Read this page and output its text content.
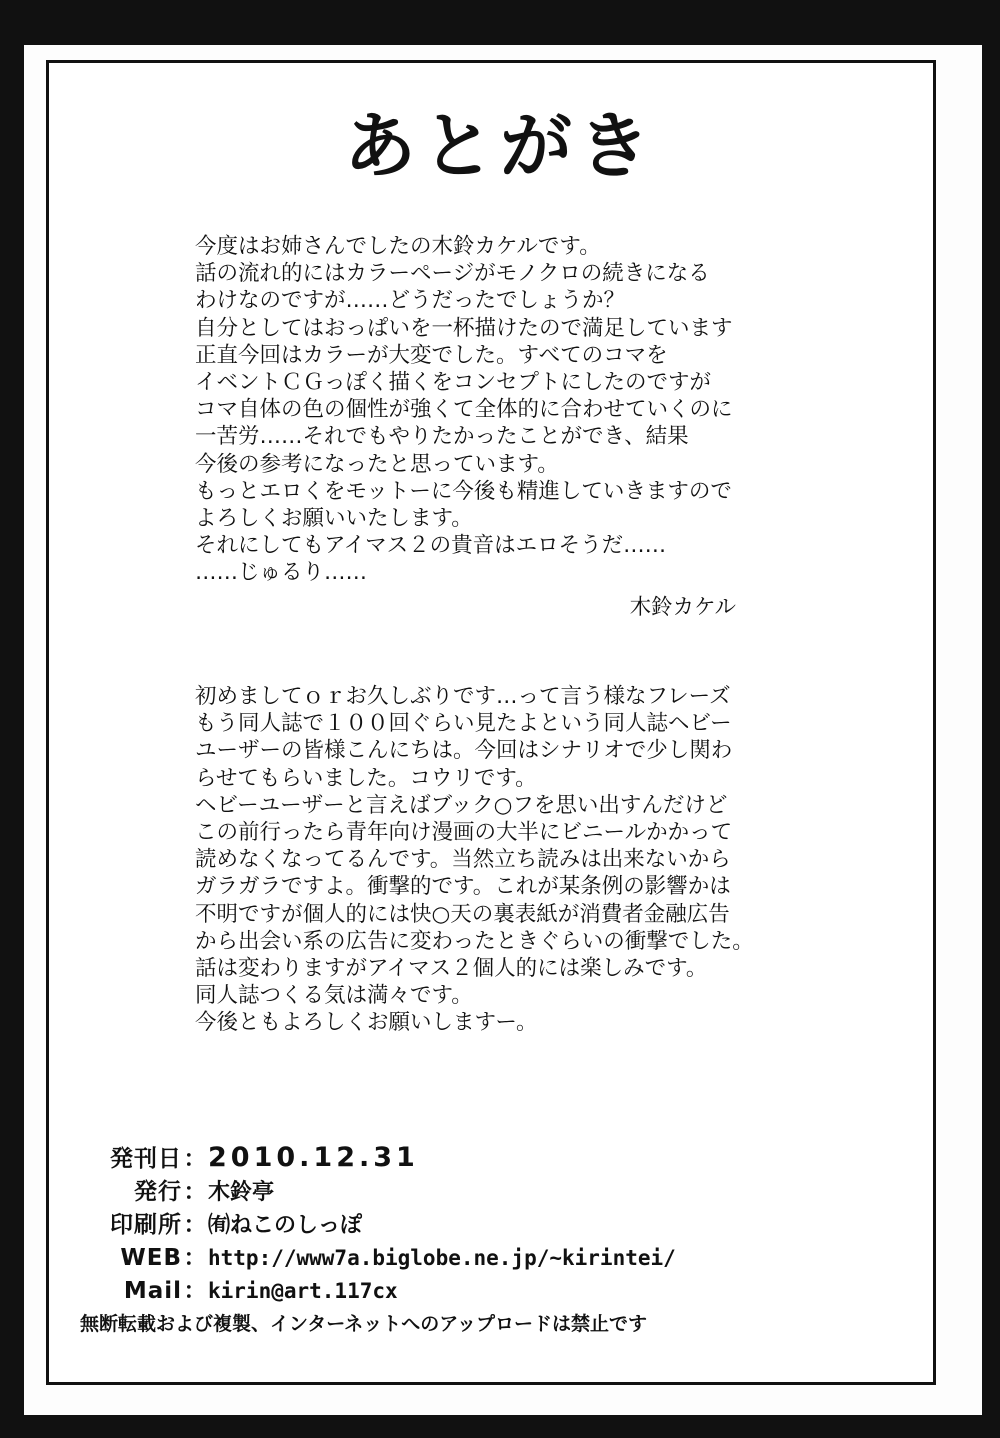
あとがき
今度はお姉さんでしたの木鈴カケルです。
話の流れ的にはカラーページがモノクロの続きになる
わけなのですが……どうだったでしょうか？
自分としてはおっぱいを一杯描けたので満足しています
正直今回はカラーが大変でした。すべてのコマを
イベントＣＧっぽく描くをコンセプトにしたのですが
コマ自体の色の個性が強くて全体的に合わせていくのに
一苦労……それでもやりたかったことができ、結果
今後の参考になったと思っています。
もっとエロくをモットーに今後も精進していきますので
よろしくお願いいたします。
それにしてもアイマス２の貴音はエロそうだ……
……じゅるり……
木鈴カケル
初めましてｏｒお久しぶりです…って言う様なフレーズ
もう同人誌で１００回ぐらい見たよという同人誌ヘビー
ユーザーの皆様こんにちは。今回はシナリオで少し関わ
らせてもらいました。コウリです。
ヘビーユーザーと言えばブック○フを思い出すんだけど
この前行ったら青年向け漫画の大半にビニールかかって
読めなくなってるんです。当然立ち読みは出来ないから
ガラガラですよ。衝撃的です。これが某条例の影響かは
不明ですが個人的には快○天の裏表紙が消費者金融広告
から出会い系の広告に変わったときぐらいの衝撃でした。
話は変わりますがアイマス２個人的には楽しみです。
同人誌つくる気は満々です。
今後ともよろしくお願いしますー。
発刊日 ： 2010.12.31
発行 ： 木鈴亭
印刷所 ： ㈲ねこのしっぽ
WEB ： http://www7a.biglobe.ne.jp/~kirintei/
Mail ： kirin@art.117cx
無断転載および複製、インターネットへのアップロードは禁止です
